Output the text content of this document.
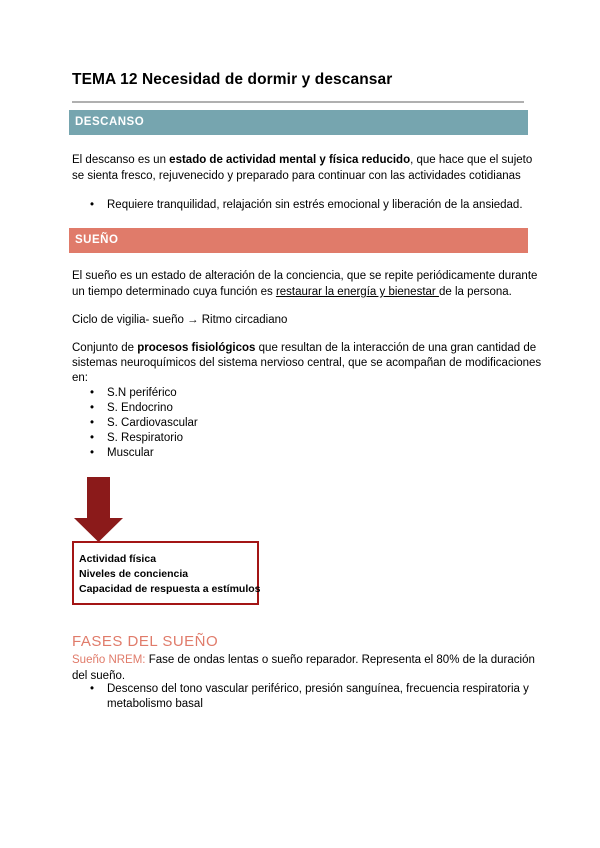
TEMA 12 Necesidad de dormir y descansar
DESCANSO
El descanso es un estado de actividad mental y física reducido, que hace que el sujeto
se sienta fresco, rejuvenecido y preparado para continuar con las actividades cotidianas
• Requiere tranquilidad, relajación sin estrés emocional y liberación de la ansiedad.
SUEÑO
El sueño es un estado de alteración de la conciencia, que se repite periódicamente durante
un tiempo determinado cuya función es restaurar la energía y bienestar de la persona.
Ciclo de vigilia- sueño → Ritmo circadiano
Conjunto de procesos fisiológicos que resultan de la interacción de una gran cantidad de
sistemas neuroquímicos del sistema nervioso central, que se acompañan de modificaciones
en:
• S.N periférico
• S. Endocrino
• S. Cardiovascular
• S. Respiratorio
• Muscular
Actividad física
Niveles de conciencia
Capacidad de respuesta a estímulos
FASES DEL SUEÑO
Sueño NREM: Fase de ondas lentas o sueño reparador. Representa el 80% de la duración
del sueño.
• Descenso del tono vascular periférico, presión sanguínea, frecuencia respiratoria y
metabolismo basal
